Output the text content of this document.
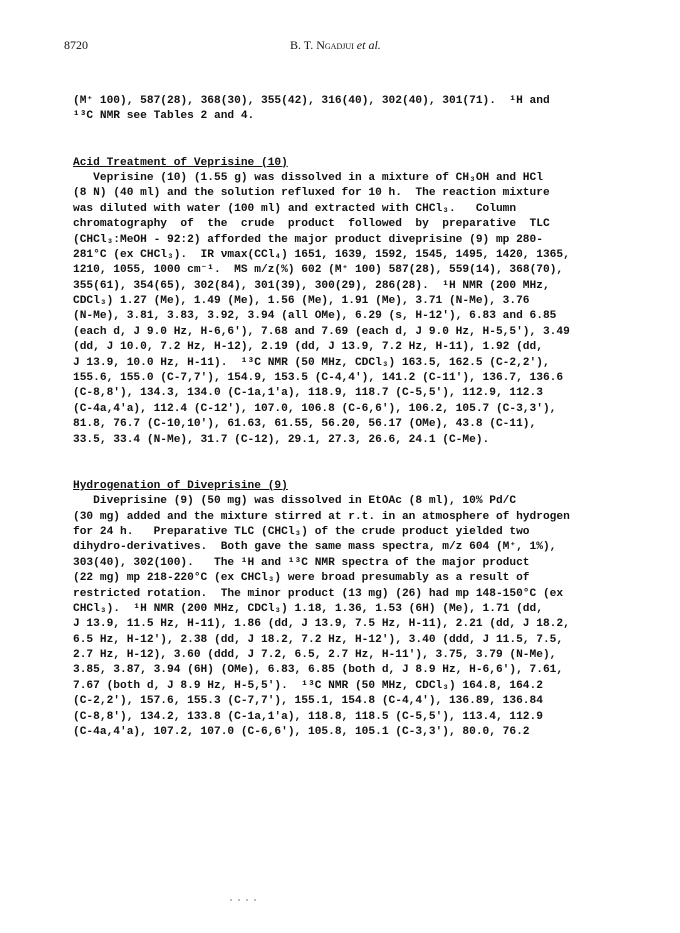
8720	B. T. Ngadjui et al.
(M⁺ 100), 587(28), 368(30), 355(42), 316(40), 302(40), 301(71).  ¹H and
¹³C NMR see Tables 2 and 4.
Acid Treatment of Veprisine (10)
Veprisine (10) (1.55 g) was dissolved in a mixture of CH₃OH and HCl
(8 N) (40 ml) and the solution refluxed for 10 h.  The reaction mixture
was diluted with water (100 ml) and extracted with CHCl₃.   Column
chromatography  of  the  crude  product  followed  by  preparative  TLC
(CHCl₃:MeOH - 92:2) afforded the major product diveprisine (9) mp 280-
281°C (ex CHCl₃).  IR νmax(CCl₄) 1651, 1639, 1592, 1545, 1495, 1420, 1365,
1210, 1055, 1000 cm⁻¹.  MS m/z(%) 602 (M⁺ 100) 587(28), 559(14), 368(70),
355(61), 354(65), 302(84), 301(39), 300(29), 286(28).  ¹H NMR (200 MHz,
CDCl₃) 1.27 (Me), 1.49 (Me), 1.56 (Me), 1.91 (Me), 3.71 (N-Me), 3.76
(N-Me), 3.81, 3.83, 3.92, 3.94 (all OMe), 6.29 (s, H-12'), 6.83 and 6.85
(each d, J 9.0 Hz, H-6,6'), 7.68 and 7.69 (each d, J 9.0 Hz, H-5,5'), 3.49
(dd, J 10.0, 7.2 Hz, H-12), 2.19 (dd, J 13.9, 7.2 Hz, H-11), 1.92 (dd,
J 13.9, 10.0 Hz, H-11).  ¹³C NMR (50 MHz, CDCl₃) 163.5, 162.5 (C-2,2'),
155.6, 155.0 (C-7,7'), 154.9, 153.5 (C-4,4'), 141.2 (C-11'), 136.7, 136.6
(C-8,8'), 134.3, 134.0 (C-1a,1'a), 118.9, 118.7 (C-5,5'), 112.9, 112.3
(C-4a,4'a), 112.4 (C-12'), 107.0, 106.8 (C-6,6'), 106.2, 105.7 (C-3,3'),
81.8, 76.7 (C-10,10'), 61.63, 61.55, 56.20, 56.17 (OMe), 43.8 (C-11),
33.5, 33.4 (N-Me), 31.7 (C-12), 29.1, 27.3, 26.6, 24.1 (C-Me).
Hydrogenation of Diveprisine (9)
Diveprisine (9) (50 mg) was dissolved in EtOAc (8 ml), 10% Pd/C
(30 mg) added and the mixture stirred at r.t. in an atmosphere of hydrogen
for 24 h.   Preparative TLC (CHCl₃) of the crude product yielded two
dihydro-derivatives.  Both gave the same mass spectra, m/z 604 (M⁺, 1%),
303(40), 302(100).   The ¹H and ¹³C NMR spectra of the major product
(22 mg) mp 218-220°C (ex CHCl₃) were broad presumably as a result of
restricted rotation.  The minor product (13 mg) (26) had mp 148-150°C (ex
CHCl₃).  ¹H NMR (200 MHz, CDCl₃) 1.18, 1.36, 1.53 (6H) (Me), 1.71 (dd,
J 13.9, 11.5 Hz, H-11), 1.86 (dd, J 13.9, 7.5 Hz, H-11), 2.21 (dd, J 18.2,
6.5 Hz, H-12'), 2.38 (dd, J 18.2, 7.2 Hz, H-12'), 3.40 (ddd, J 11.5, 7.5,
2.7 Hz, H-12), 3.60 (ddd, J 7.2, 6.5, 2.7 Hz, H-11'), 3.75, 3.79 (N-Me),
3.85, 3.87, 3.94 (6H) (OMe), 6.83, 6.85 (both d, J 8.9 Hz, H-6,6'), 7.61,
7.67 (both d, J 8.9 Hz, H-5,5').  ¹³C NMR (50 MHz, CDCl₃) 164.8, 164.2
(C-2,2'), 157.6, 155.3 (C-7,7'), 155.1, 154.8 (C-4,4'), 136.89, 136.84
(C-8,8'), 134.2, 133.8 (C-1a,1'a), 118.8, 118.5 (C-5,5'), 113.4, 112.9
(C-4a,4'a), 107.2, 107.0 (C-6,6'), 105.8, 105.1 (C-3,3'), 80.0, 76.2
